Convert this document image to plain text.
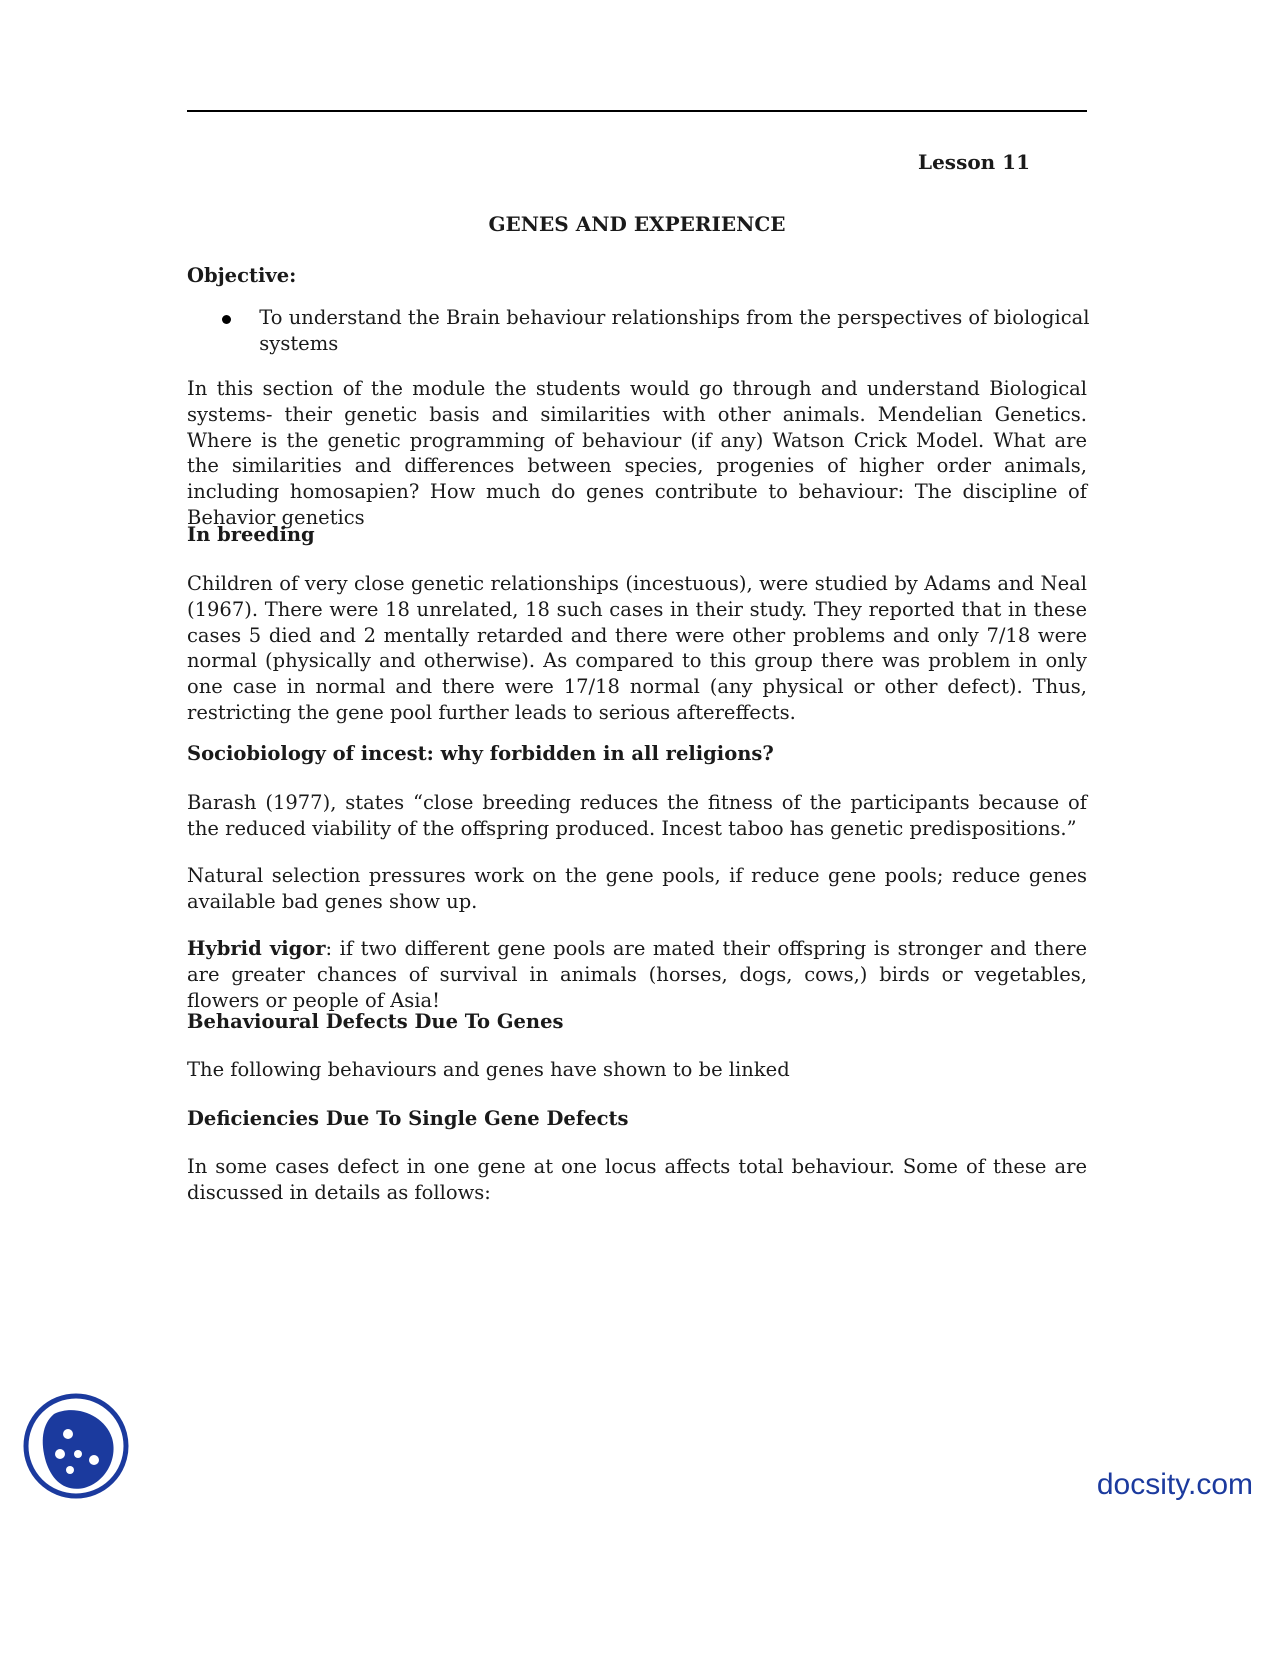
Lesson 11
GENES AND EXPERIENCE
Objective:
To understand the Brain behaviour relationships from the perspectives of biological systems
In this section of the module the students would go through and understand Biological systems- their genetic basis and similarities with other animals. Mendelian Genetics. Where is the genetic programming of behaviour (if any) Watson Crick Model. What are the similarities and differences between species, progenies of higher order animals, including homosapien? How much do genes contribute to behaviour: The discipline of Behavior genetics
In breeding
Children of very close genetic relationships (incestuous), were studied by Adams and Neal (1967). There were 18 unrelated, 18 such cases in their study. They reported that in these cases 5 died and 2 mentally retarded and there were other problems and only 7/18 were normal (physically and otherwise). As compared to this group there was problem in only one case in normal and there were 17/18 normal (any physical or other defect). Thus, restricting the gene pool further leads to serious aftereffects.
Sociobiology of incest: why forbidden in all religions?
Barash (1977), states “close breeding reduces the fitness of the participants because of the reduced viability of the offspring produced. Incest taboo has genetic predispositions.”
Natural selection pressures work on the gene pools, if reduce gene pools; reduce genes available bad genes show up.
Hybrid vigor: if two different gene pools are mated their offspring is stronger and there are greater chances of survival in animals (horses, dogs, cows,) birds or vegetables, flowers or people of Asia!
Behavioural Defects Due To Genes
The following behaviours and genes have shown to be linked
Deficiencies Due To Single Gene Defects
In some cases defect in one gene at one locus affects total behaviour. Some of these are discussed in details as follows:
docsity.com
